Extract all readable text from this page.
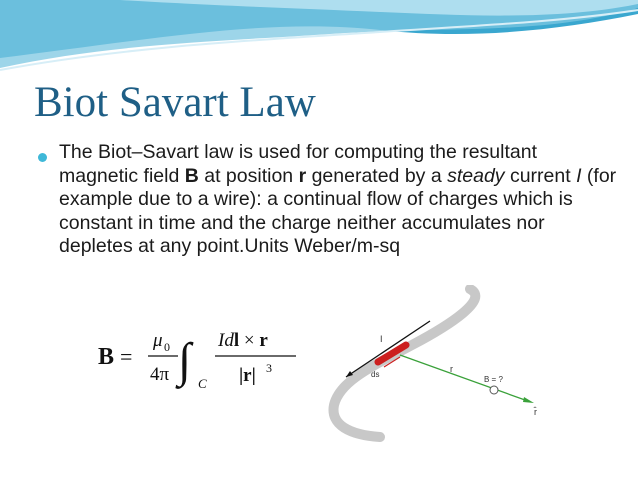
Biot Savart Law

The Biot–Savart law is used for computing the resultant magnetic field B at position r generated by a steady current I (for example due to a wire): a continual flow of charges which is constant in time and the charge neither accumulates nor depletes at any point.Units Weber/m-sq

B =
μ 0
4π ∫ C
Idl × r
|r| 3
I
ds
r
B = ?
r̂
